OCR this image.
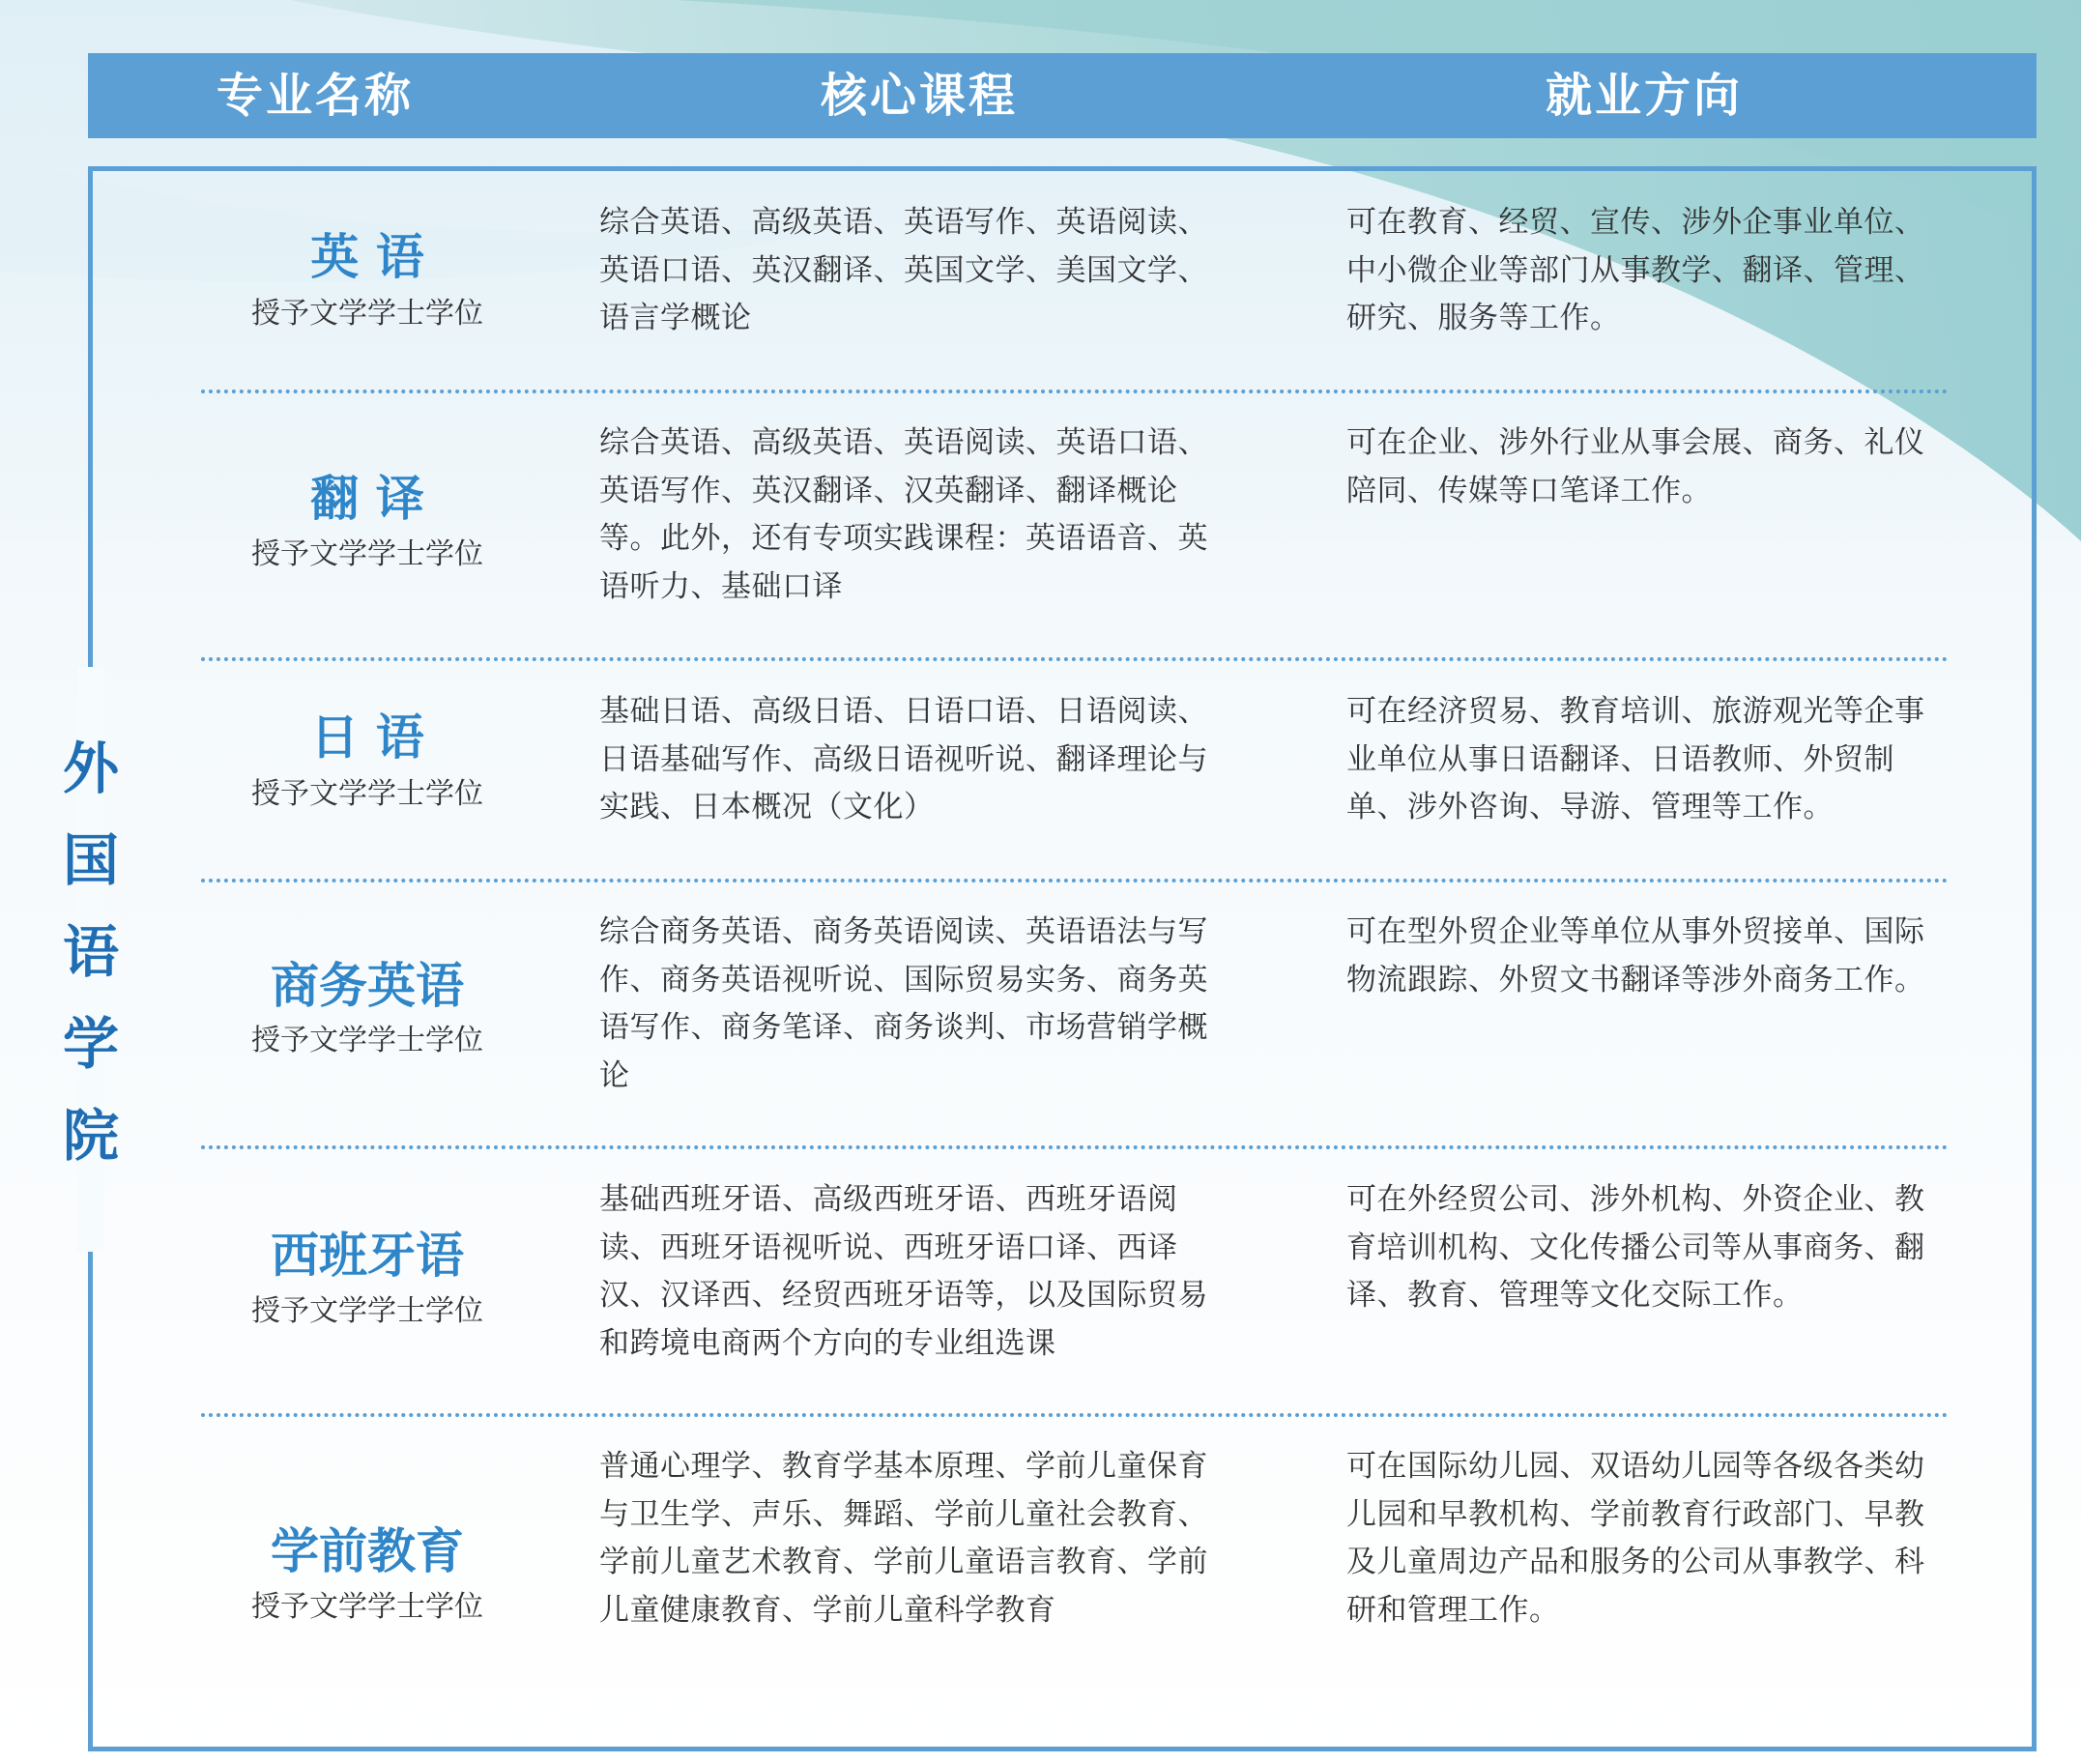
专业名称	核心课程	就业方向
外
国
语
学
院
英 语
授予文学学士学位
综合英语、高级英语、英语写作、英语阅读、
英语口语、英汉翻译、英国文学、美国文学、
语言学概论
可在教育、经贸、宣传、涉外企事业单位、
中小微企业等部门从事教学、翻译、管理、
研究、服务等工作。
翻 译
授予文学学士学位
综合英语、高级英语、英语阅读、英语口语、
英语写作、英汉翻译、汉英翻译、翻译概论
等。此外，还有专项实践课程：英语语音、英
语听力、基础口译
可在企业、涉外行业从事会展、商务、礼仪
陪同、传媒等口笔译工作。
日 语
授予文学学士学位
基础日语、高级日语、日语口语、日语阅读、
日语基础写作、高级日语视听说、翻译理论与
实践、日本概况（文化）
可在经济贸易、教育培训、旅游观光等企事
业单位从事日语翻译、日语教师、外贸制
单、涉外咨询、导游、管理等工作。
商务英语
授予文学学士学位
综合商务英语、商务英语阅读、英语语法与写
作、商务英语视听说、国际贸易实务、商务英
语写作、商务笔译、商务谈判、市场营销学概
论
可在型外贸企业等单位从事外贸接单、国际
物流跟踪、外贸文书翻译等涉外商务工作。
西班牙语
授予文学学士学位
基础西班牙语、高级西班牙语、西班牙语阅
读、西班牙语视听说、西班牙语口译、西译
汉、汉译西、经贸西班牙语等，以及国际贸易
和跨境电商两个方向的专业组选课
可在外经贸公司、涉外机构、外资企业、教
育培训机构、文化传播公司等从事商务、翻
译、教育、管理等文化交际工作。
学前教育
授予文学学士学位
普通心理学、教育学基本原理、学前儿童保育
与卫生学、声乐、舞蹈、学前儿童社会教育、
学前儿童艺术教育、学前儿童语言教育、学前
儿童健康教育、学前儿童科学教育
可在国际幼儿园、双语幼儿园等各级各类幼
儿园和早教机构、学前教育行政部门、早教
及儿童周边产品和服务的公司从事教学、科
研和管理工作。
